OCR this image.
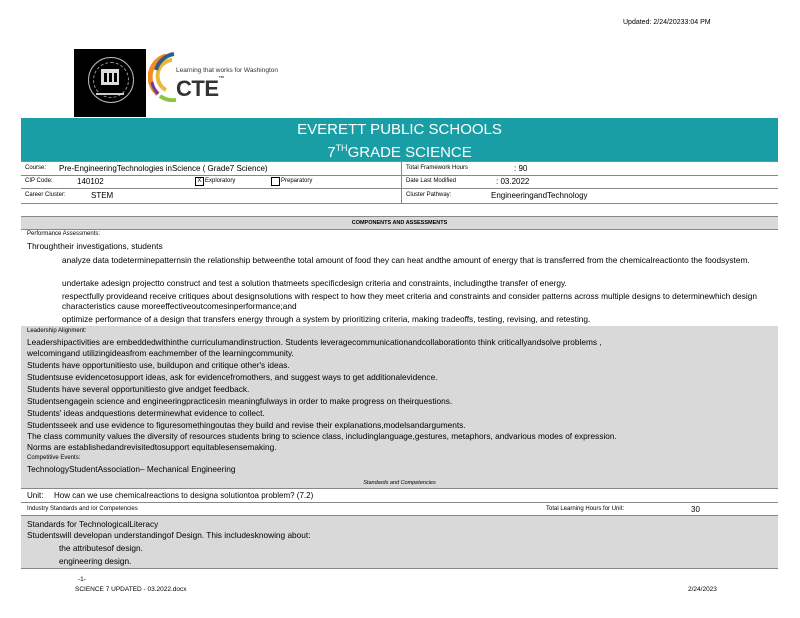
Updated: 2/24/20233:04 PM
Learning that works for Washington
CTE™
EVERETT PUBLIC SCHOOLS
7THGRADE SCIENCE
Course: Pre-EngineeringTechnologies inScience ( Grade7 Science)	Total Framework Hours	: 90
CIP Code:	140102	X Exploratory	Preparatory	Date Last Modified	: 03.2022
Career Cluster:	STEM	Cluster Pathway:	EngineeringandTechnology
COMPONENTS AND ASSESSMENTS
Performance Assessments:
Throughtheir investigations, students
analyze data todeterminepatternsin the relationship betweenthe total amount of food they can heat andthe amount of energy that is transferred from the chemicalreactionto the foodsystem.
undertake adesign projectto construct and test a solution thatmeets specificdesign criteria and constraints, includingthe transfer of energy.
respectfully provideand receive critiques about designsolutions with respect to how they meet criteria and constraints and consider patterns across multiple designs to determinewhich design characteristics cause moreeffectiveoutcomesinperformance;and
optimize performance of a design that transfers energy through a system by prioritizing criteria, making tradeoffs, testing, revising, and retesting.
Leadership Alignment:
Leadershipactivities are embeddedwithinthe curriculumandinstruction. Students leveragecommunicationandcollaborationto think criticallyandsolve problems ,
welcomingand utilizingideasfrom eachmember of the learningcommunity.
Students have opportunitiesto use, buildupon and critique other's ideas.
Studentsuse evidencetosupport ideas, ask for evidencefromothers, and suggest ways to get additionalevidence.
Students have several opportunitiesto give andget feedback.
Studentsengagein science and engineeringpracticesin meaningfulways in order to make progress on theirquestions.
Students' ideas andquestions determinewhat evidence to collect.
Studentsseek and use evidence to figuresomethingoutas they build and revise their explanations,modelsandarguments.
The class community values the diversity of resources students bring to science class, includinglanguage,gestures, metaphors, andvarious modes of expression.
Norms are establishedandrevisitedtosupport equitablesensemaking.
Competitive Events:
TechnologyStudentAssociation– Mechanical Engineering
Standards and Competencies
Unit: How can we use chemicalreactions to designa solutiontoa problem? (7.2)
Industry Standards and /or Competencies	Total Learning Hours for Unit:	30
Standards for TechnologicalLiteracy
Studentswill developan understandingof Design. This includesknowing about:
the attributesof design.
engineering design.
-1-
SCIENCE 7 UPDATED - 03.2022.docx	2/24/2023
